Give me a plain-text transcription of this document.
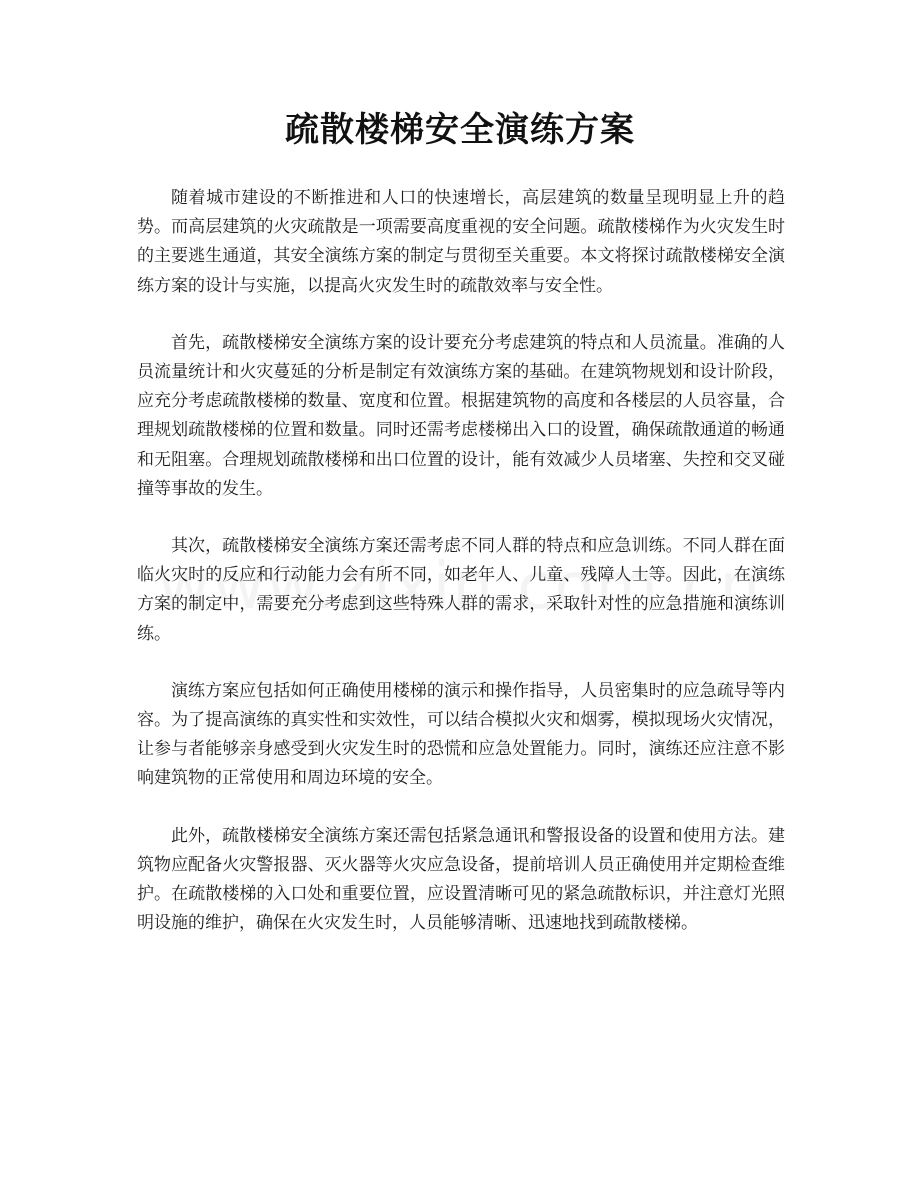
疏散楼梯安全演练方案

随着城市建设的不断推进和人口的快速增长，高层建筑的数量呈现明显上升的趋势。而高层建筑的火灾疏散是一项需要高度重视的安全问题。疏散楼梯作为火灾发生时的主要逃生通道，其安全演练方案的制定与贯彻至关重要。本文将探讨疏散楼梯安全演练方案的设计与实施，以提高火灾发生时的疏散效率与安全性。

首先，疏散楼梯安全演练方案的设计要充分考虑建筑的特点和人员流量。准确的人员流量统计和火灾蔓延的分析是制定有效演练方案的基础。在建筑物规划和设计阶段，应充分考虑疏散楼梯的数量、宽度和位置。根据建筑物的高度和各楼层的人员容量，合理规划疏散楼梯的位置和数量。同时还需考虑楼梯出入口的设置，确保疏散通道的畅通和无阻塞。合理规划疏散楼梯和出口位置的设计，能有效减少人员堵塞、失控和交叉碰撞等事故的发生。

其次，疏散楼梯安全演练方案还需考虑不同人群的特点和应急训练。不同人群在面临火灾时的反应和行动能力会有所不同，如老年人、儿童、残障人士等。因此，在演练方案的制定中，需要充分考虑到这些特殊人群的需求，采取针对性的应急措施和演练训练。

演练方案应包括如何正确使用楼梯的演示和操作指导，人员密集时的应急疏导等内容。为了提高演练的真实性和实效性，可以结合模拟火灾和烟雾，模拟现场火灾情况，让参与者能够亲身感受到火灾发生时的恐慌和应急处置能力。同时，演练还应注意不影响建筑物的正常使用和周边环境的安全。

此外，疏散楼梯安全演练方案还需包括紧急通讯和警报设备的设置和使用方法。建筑物应配备火灾警报器、灭火器等火灾应急设备，提前培训人员正确使用并定期检查维护。在疏散楼梯的入口处和重要位置，应设置清晰可见的紧急疏散标识，并注意灯光照明设施的维护，确保在火灾发生时，人员能够清晰、迅速地找到疏散楼梯。
